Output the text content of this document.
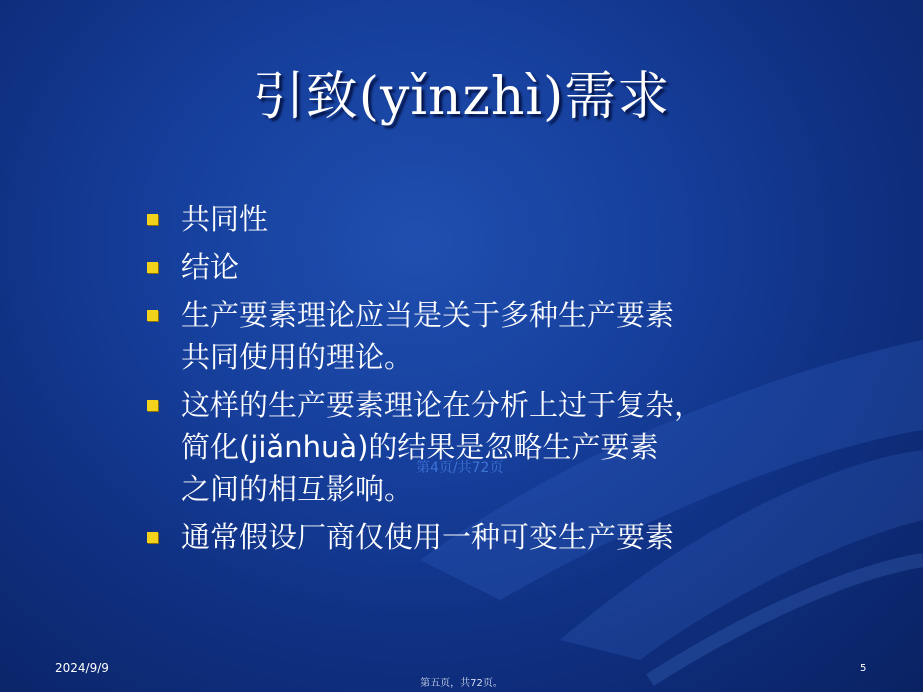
引致(yǐnzhì)需求
共同性
结论
生产要素理论应当是关于多种生产要素
共同使用的理论。
这样的生产要素理论在分析上过于复杂，
简化(jiǎnhuà)的结果是忽略生产要素
之间的相互影响。
通常假设厂商仅使用一种可变生产要素
第4页/共72页
2024/9/9	5
第五页，共72页。
